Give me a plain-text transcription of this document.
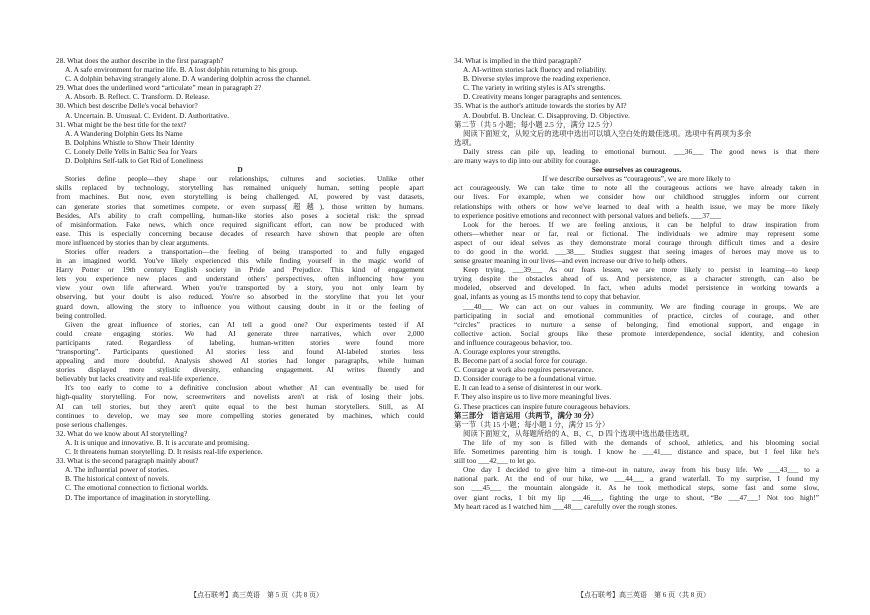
28. What does the author describe in the first paragraph?
A. A safe environment for marine life. B. A lost dolphin returning to his group.
C. A dolphin behaving strangely alone. D. A wandering dolphin across the channel.
29. What does the underlined word “articulate” mean in paragraph 2?
A. Absorb. B. Reflect. C. Transform. D. Release.
30. Which best describe Delle's vocal behavior?
A. Uncertain. B. Unusual. C. Evident. D. Authoritative.
31. What might be the best title for the text?
A. A Wandering Dolphin Gets Its Name
B. Dolphins Whistle to Show Their Identity
C. Lonely Delle Yells in Baltic Sea for Years
D. Dolphins Self-talk to Get Rid of Loneliness
D
Stories define people—they shape our relationships, cultures and societies. Unlike other
skills replaced by technology, storytelling has remained uniquely human, setting people apart
from machines. But now, even storytelling is being challenged. AI, powered by vast datasets,
can generate stories that sometimes compete, or even surpass(超越), those written by humans.
Besides, AI's ability to craft compelling, human-like stories also poses a societal risk: the spread
of misinformation. Fake news, which once required significant effort, can now be produced with
ease. This is especially concerning because decades of research have shown that people are often
more influenced by stories than by clear arguments.
Stories offer readers a transportation—the feeling of being transported to and fully engaged
in an imagined world. You've likely experienced this while finding yourself in the magic world of
Harry Potter or 19th century English society in Pride and Prejudice. This kind of engagement
lets you experience new places and understand others' perspectives, often influencing how you
view your own life afterward. When you're transported by a story, you not only learn by
observing, but your doubt is also reduced. You're so absorbed in the storyline that you let your
guard down, allowing the story to influence you without causing doubt in it or the feeling of
being controlled.
Given the great influence of stories, can AI tell a good one? Our experiments tested if AI
could create engaging stories. We had AI generate three narratives, which over 2,000
participants rated. Regardless of labeling, human-written stories were found more
“transporting”. Participants questioned AI stories less and found AI-labeled stories less
appealing and more doubtful. Analysis showed AI stories had longer paragraphs, while human
stories displayed more stylistic diversity, enhancing engagement. AI writes fluently and
believably but lacks creativity and real-life experience.
It's too early to come to a definitive conclusion about whether AI can eventually be used for
high-quality storytelling. For now, screenwriters and novelists aren't at risk of losing their jobs.
AI can tell stories, but they aren't quite equal to the best human storytellers. Still, as AI
continues to develop, we may see more compelling stories generated by machines, which could
pose serious challenges.
32. What do we know about AI storytelling?
A. It is unique and innovative. B. It is accurate and promising.
C. It threatens human storytelling. D. It resists real-life experience.
33. What is the second paragraph mainly about?
A. The influential power of stories.
B. The historical context of novels.
C. The emotional connection to fictional worlds.
D. The importance of imagination in storytelling.
34. What is implied in the third paragraph?
A. AI-written stories lack fluency and reliability.
B. Diverse styles improve the reading experience.
C. The variety in writing styles is AI's strengths.
D. Creativity means longer paragraphs and sentences.
35. What is the author's attitude towards the stories by AI?
A. Doubtful. B. Unclear. C. Disapproving. D. Objective.
第二节（共 5 小题；每小题 2.5 分，满分 12.5 分）
阅读下面短文，从短文后的选项中选出可以填入空白处的最佳选项。选项中有两项为多余
选项。
Daily stress can pile up, leading to emotional burnout. ___36___ The good news is that there
are many ways to dip into our ability for courage.
See ourselves as courageous.
If we describe ourselves as “courageous”, we are more likely to
act courageously. We can take time to note all the courageous actions we have already taken in
our lives. For example, when we consider how our childhood struggles inform our current
relationships with others or how we've learned to deal with a health issue, we may be more likely
to experience positive emotions and reconnect with personal values and beliefs. ___37___
Look for the heroes. If we are feeling anxious, it can be helpful to draw inspiration from
others—whether near or far, real or fictional. The individuals we admire may represent some
aspect of our ideal selves as they demonstrate moral courage through difficult times and a desire
to do good in the world. ___38___ Studies suggest that seeing images of heroes may move us to
sense greater meaning in our lives—and even increase our drive to help others.
Keep trying. ___39___ As our fears lessen, we are more likely to persist in learning—to keep
trying despite the obstacles ahead of us. And persistence, as a character strength, can also be
modeled, observed and developed. In fact, when adults model persistence in working towards a
goal, infants as young as 15 months tend to copy that behavior.
___40___ We can act on our values in community. We are finding courage in groups. We are
participating in social and emotional communities of practice, circles of courage, and other
“circles” practices to nurture a sense of belonging, find emotional support, and engage in
collective action. Social groups like these promote interdependence, social identity, and cohesion
and influence courageous behavior, too.
A. Courage explores your strengths.
B. Become part of a social force for courage.
C. Courage at work also requires perseverance.
D. Consider courage to be a foundational virtue.
E. It can lead to a sense of disinterest in our work.
F. They also inspire us to live more meaningful lives.
G. These practices can inspire future courageous behaviors.
第三部分　语言运用（共两节，满分 30 分）
第一节（共 15 小题；每小题 1 分，满分 15 分）
阅读下面短文，从每题所给的 A、B、C、D 四个选项中选出最佳选项。
The life of my son is filled with the demands of school, athletics, and his blooming social
life. Sometimes parenting him is tough. I know he ___41___ distance and space, but I feel like he's
still too ___42___ to let go.
One day I decided to give him a time-out in nature, away from his busy life. We ___43___ to a
national park. At the end of our hike, we ___44___ a grand waterfall. To my surprise, I found my
son ___45___ the mountain alongside it. As he took methodical steps, some fast and some slow,
over giant rocks, I bit my lip ___46___, fighting the urge to shout, “Be ___47___! Not too high!”
My heart raced as I watched him ___48___ carefully over the rough stones.
【点石联考】高三英语　第 5 页（共 8 页）	【点石联考】高三英语　第 6 页（共 8 页）
